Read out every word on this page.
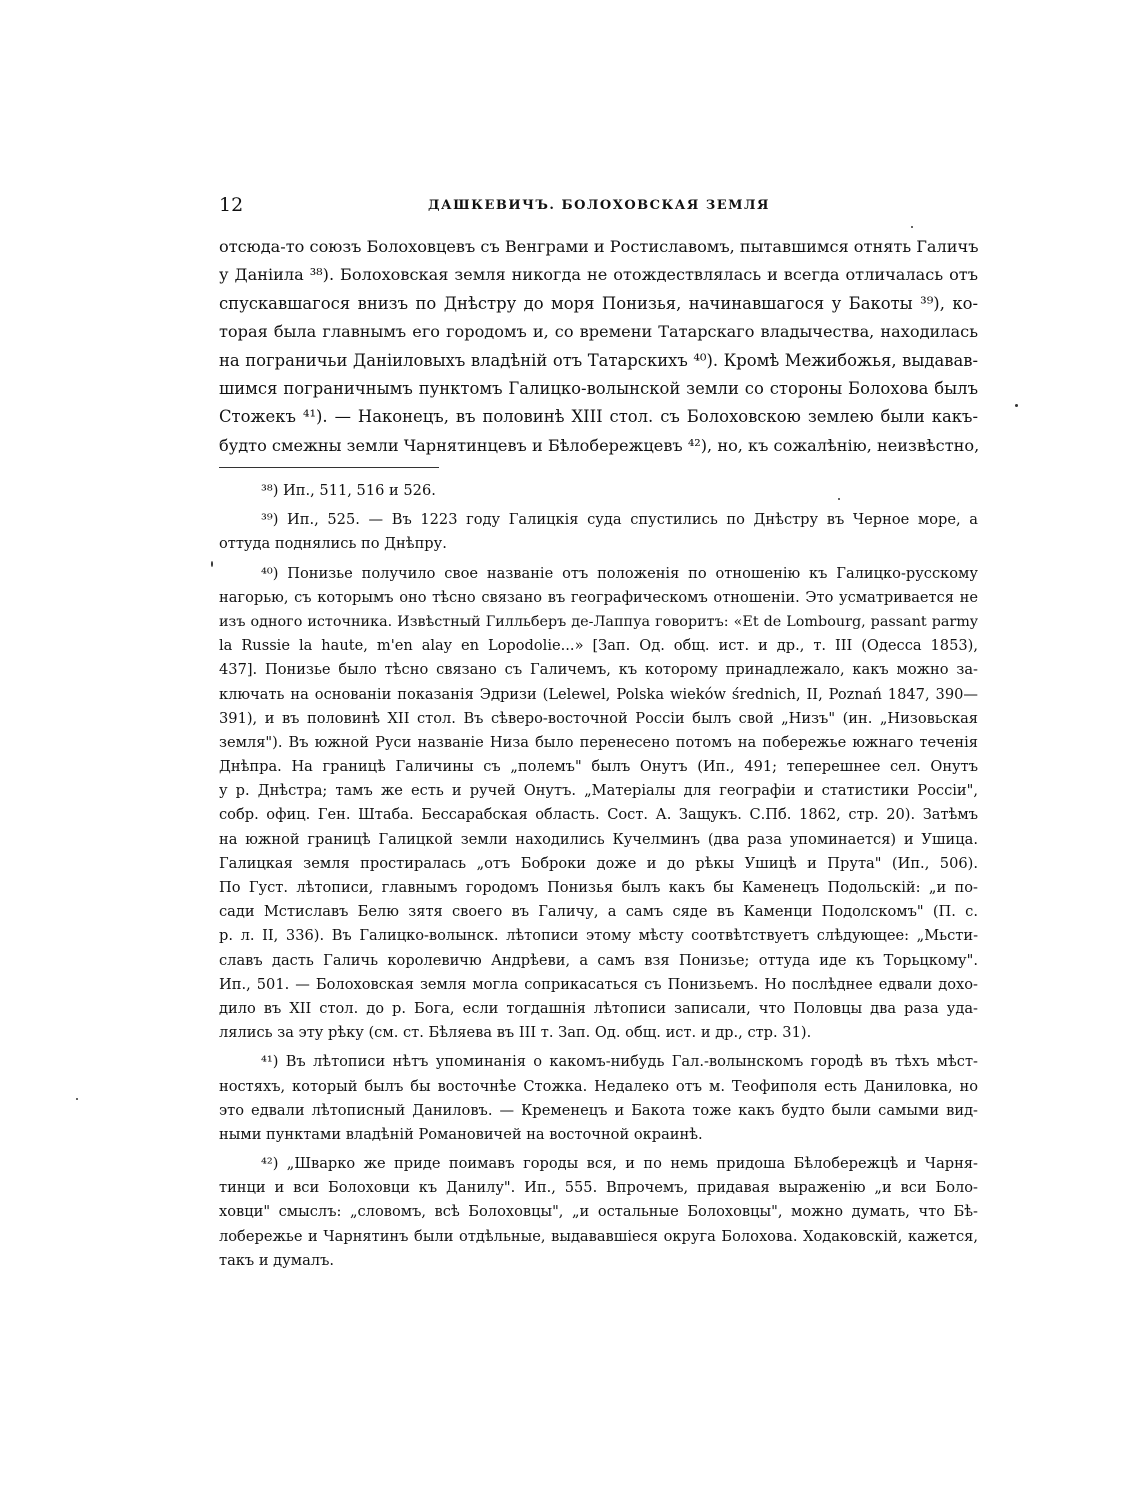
12	ДАШКЕВИЧЪ. БОЛОХОВСКАЯ ЗЕМЛЯ
отсюда-то союзъ Болоховцевъ съ Венграми и Ростиславомъ, пытавшимся отнять Галичъ
у Даніила ³⁸). Болоховская земля никогда не отождествлялась и всегда отличалась отъ
спускавшагося внизъ по Днѣстру до моря Понизья, начинавшагося у Бакоты ³⁹), ко-
торая была главнымъ его городомъ и, со времени Татарскаго владычества, находилась
на пограничьи Даніиловыхъ владѣній отъ Татарскихъ ⁴⁰). Кромѣ Межибожья, выдавав-
шимся пограничнымъ пунктомъ Галицко-волынской земли со стороны Болохова былъ
Стожекъ ⁴¹). — Наконецъ, въ половинѣ XIII стол. съ Болоховскою землею были какъ-
будто смежны земли Чарнятинцевъ и Бѣлобережцевъ ⁴²), но, къ сожалѣнію, неизвѣстно,
³⁸) Ип., 511, 516 и 526.
³⁹) Ип., 525. — Въ 1223 году Галицкія суда спустились по Днѣстру въ Черное море, а
оттуда поднялись по Днѣпру.
⁴⁰) Понизье получило свое названіе отъ положенія по отношенію къ Галицко-русскому
нагорью, съ которымъ оно тѣсно связано въ географическомъ отношеніи. Это усматривается не
изъ одного источника. Извѣстный Гилльберъ де-Лаппуа говоритъ: «Et de Lombourg, passant parmy
la Russie la haute, m'en alay en Lopodolie...» [Зап. Од. общ. ист. и др., т. III (Одесса 1853),
437]. Понизье было тѣсно связано съ Галичемъ, къ которому принадлежало, какъ можно за-
ключать на основаніи показанія Эдризи (Lelewel, Polska wieków średnich, II, Poznań 1847, 390—
391), и въ половинѣ XII стол. Въ сѣверо-восточной Россіи былъ свой „Низъ" (ин. „Низовьская
земля"). Въ южной Руси названіе Низа было перенесено потомъ на побережье южнаго теченія
Днѣпра. На границѣ Галичины съ „полемъ" былъ Онутъ (Ип., 491; теперешнее сел. Онутъ
у р. Днѣстра; тамъ же есть и ручей Онутъ. „Матеріалы для географіи и статистики Россіи",
собр. офиц. Ген. Штаба. Бессарабская область. Сост. А. Защукъ. С.Пб. 1862, стр. 20). Затѣмъ
на южной границѣ Галицкой земли находились Кучелминъ (два раза упоминается) и Ушица.
Галицкая земля простиралась „отъ Боброки доже и до рѣкы Ушицѣ и Прута" (Ип., 506).
По Густ. лѣтописи, главнымъ городомъ Понизья былъ какъ бы Каменецъ Подольскій: „и по-
сади Мстиславъ Белю зятя своего въ Галичу, а самъ сяде въ Каменци Подолскомъ" (П. с.
р. л. II, 336). Въ Галицко-волынск. лѣтописи этому мѣсту соотвѣтствуетъ слѣдующее: „Мьсти-
славъ дасть Галичь королевичю Андрѣеви, а самъ взя Понизье; оттуда иде къ Торьцкому".
Ип., 501. — Болоховская земля могла соприкасаться съ Понизьемъ. Но послѣднее едвали дохо-
дило въ XII стол. до р. Бога, если тогдашнія лѣтописи записали, что Половцы два раза уда-
лялись за эту рѣку (см. ст. Бѣляева въ III т. Зап. Од. общ. ист. и др., стр. 31).
⁴¹) Въ лѣтописи нѣтъ упоминанія о какомъ-нибудь Гал.-волынскомъ городѣ въ тѣхъ мѣст-
ностяхъ, который былъ бы восточнѣе Стожка. Недалеко отъ м. Теофиполя есть Даниловка, но
это едвали лѣтописный Даниловъ. — Кременецъ и Бакота тоже какъ будто были самыми вид-
ными пунктами владѣній Романовичей на восточной окраинѣ.
⁴²) „Шварко же приде поимавъ городы вся, и по немь придоша Бѣлобережцѣ и Чарня-
тинци и вси Болоховци къ Данилу". Ип., 555. Впрочемъ, придавая выраженію „и вси Боло-
ховци" смыслъ: „словомъ, всѣ Болоховцы", „и остальные Болоховцы", можно думать, что Бѣ-
лобережье и Чарнятинъ были отдѣльные, выдававшіеся округа Болохова. Ходаковскій, кажется,
такъ и думалъ.
